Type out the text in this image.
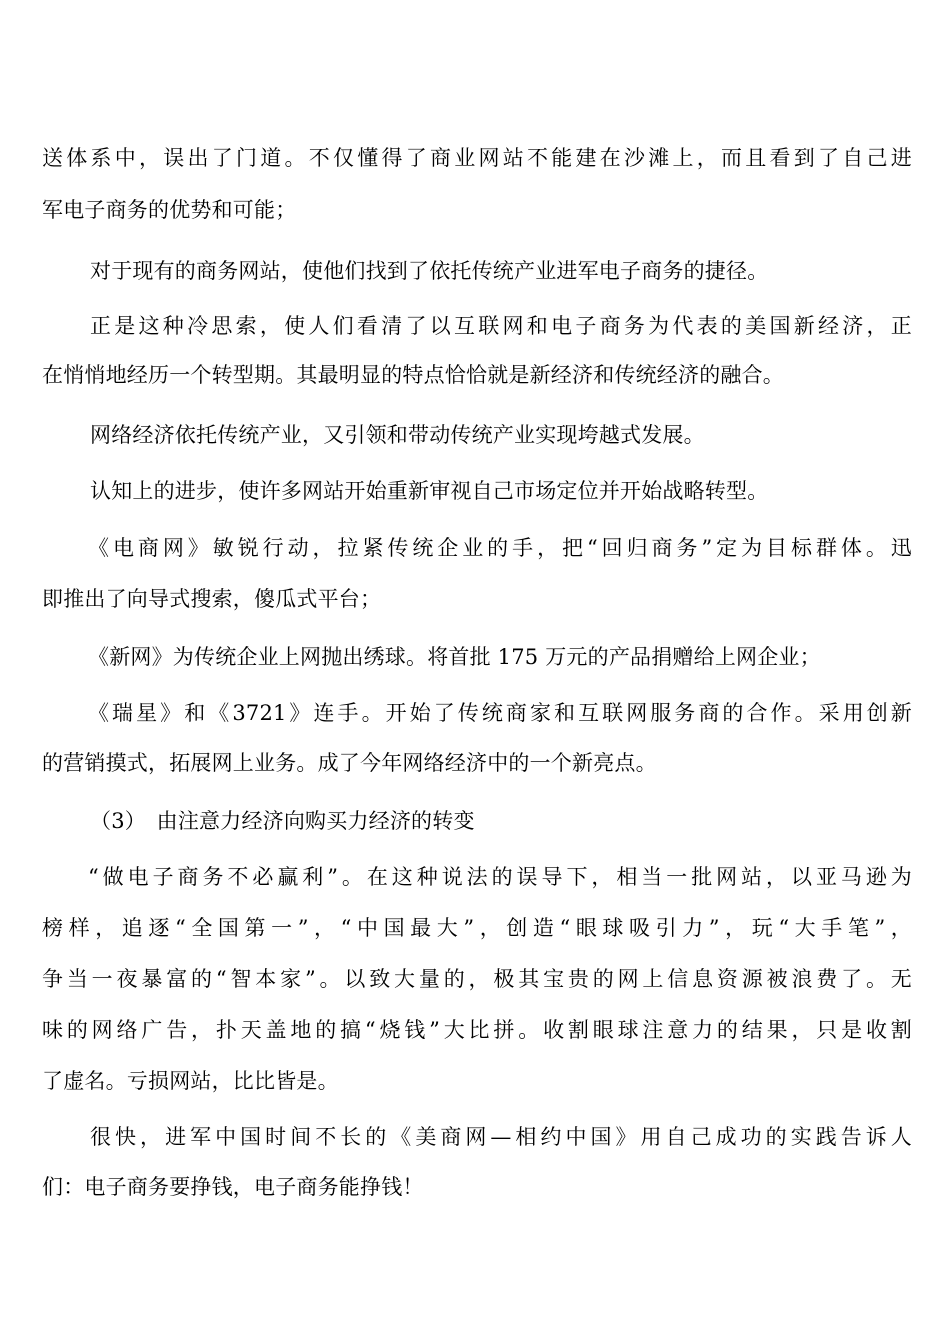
送体系中，误出了门道。不仅懂得了商业网站不能建在沙滩上，而且看到了自己进
军电子商务的优势和可能；
对于现有的商务网站，使他们找到了依托传统产业进军电子商务的捷径。
正是这种冷思索，使人们看清了以互联网和电子商务为代表的美国新经济，正
在悄悄地经历一个转型期。其最明显的特点恰恰就是新经济和传统经济的融合。
网络经济依托传统产业，又引领和带动传统产业实现垮越式发展。
认知上的进步，使许多网站开始重新审视自己市场定位并开始战略转型。
《电商网》敏锐行动，拉紧传统企业的手，把“回归商务”定为目标群体。迅
即推出了向导式搜索，傻瓜式平台；
《新网》为传统企业上网抛出绣球。将首批 175 万元的产品捐赠给上网企业；
《瑞星》和《3721》连手。开始了传统商家和互联网服务商的合作。采用创新
的营销摸式，拓展网上业务。成了今年网络经济中的一个新亮点。
（3）　由注意力经济向购买力经济的转变
“做电子商务不必赢利”。在这种说法的误导下，相当一批网站，以亚马逊为
榜样，追逐“全国第一”，“中国最大”，创造“眼球吸引力”，玩“大手笔”，
争当一夜暴富的“智本家”。以致大量的，极其宝贵的网上信息资源被浪费了。无
味的网络广告，扑天盖地的搞“烧钱”大比拼。收割眼球注意力的结果，只是收割
了虚名。亏损网站，比比皆是。
很快，进军中国时间不长的《美商网—相约中国》用自己成功的实践告诉人
们：电子商务要挣钱，电子商务能挣钱！
